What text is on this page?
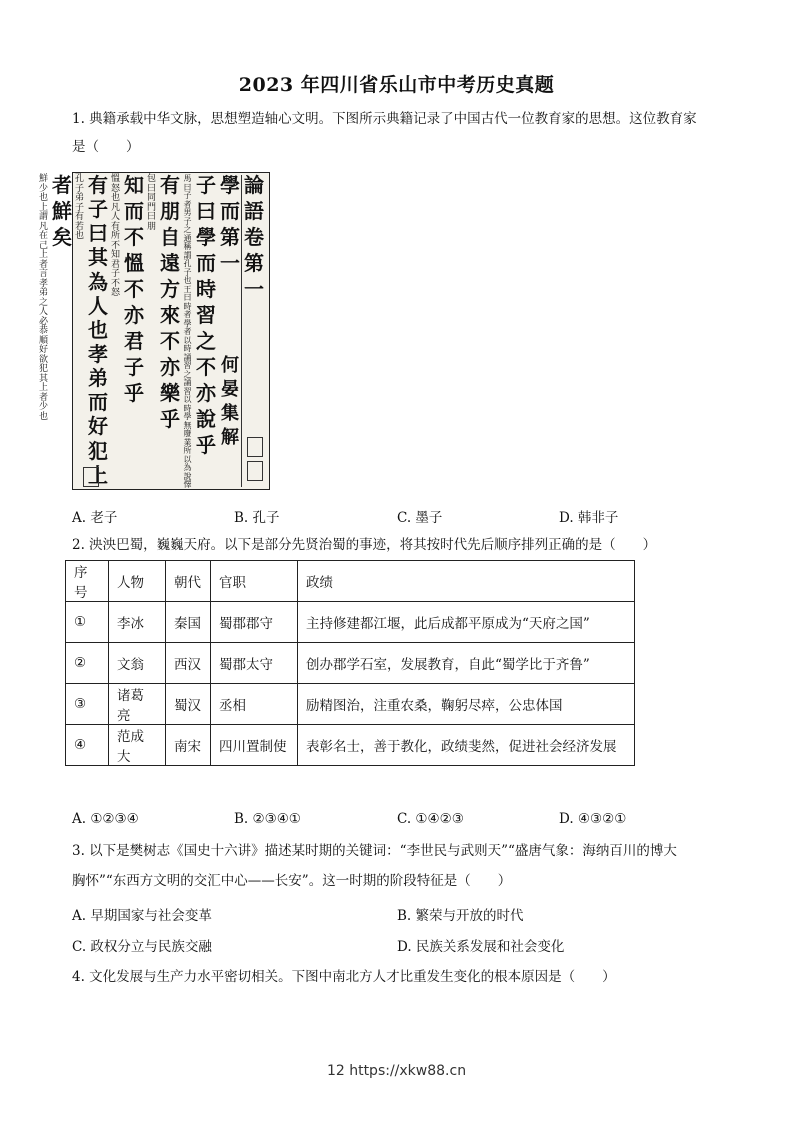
2023 年四川省乐山市中考历史真题
1. 典籍承载中华文脉，思想塑造轴心文明。下图所示典籍记录了中国古代一位教育家的思想。这位教育家
是（　　）
論
語
卷
第
一
學
而
第
一
子
曰
學
而
時
習
之
不
亦
說
乎
馬
曰
子
者
男
子
之
通
稱
謂
孔
子
也
王
曰
時
者
學
者
以
時
誦
習
之
誦
習
以
時
學
無
廢
業
所
以
為
說
懌
有
朋
自
遠
方
來
不
亦
樂
乎
包
曰
同
門
曰
朋
知
而
不
慍
不
亦
君
子
乎
慍
怒
也
凡
人
有
所
不
知
君
子
不
怒
有
子
曰
其
為
人
也
孝
弟
而
好
犯
上
孔
子
弟
子
有
若
也
者
鮮
矣
鮮
少
也
上
謂
凡
在
己
上
者
言
孝
弟
之
人
必
恭
順
好
欲
犯
其
上
者
少
也
何
晏
集
解
A. 老子	B. 孔子	C. 墨子	D. 韩非子
2. 泱泱巴蜀，巍巍天府。以下是部分先贤治蜀的事迹，将其按时代先后顺序排列正确的是（　　）
序号	人物	朝代	官职	政绩
①	李冰	秦国	蜀郡郡守	主持修建都江堰，此后成都平原成为“天府之国”
②	文翁	西汉	蜀郡太守	创办郡学石室，发展教育，自此“蜀学比于齐鲁”
③	诸葛亮	蜀汉	丞相	励精图治，注重农桑，鞠躬尽瘁，公忠体国
④	范成大	南宋	四川置制使	表彰名士，善于教化，政绩斐然，促进社会经济发展
A. ①②③④	B. ②③④①	C. ①④②③	D. ④③②①
3. 以下是樊树志《国史十六讲》描述某时期的关键词：“李世民与武则天”“盛唐气象：海纳百川的博大
胸怀”“东西方文明的交汇中心——长安”。这一时期的阶段特征是（　　）
A. 早期国家与社会变革	B. 繁荣与开放的时代
C. 政权分立与民族交融	D. 民族关系发展和社会变化
4. 文化发展与生产力水平密切相关。下图中南北方人才比重发生变化的根本原因是（　　）
12 https://xkw88.cn
